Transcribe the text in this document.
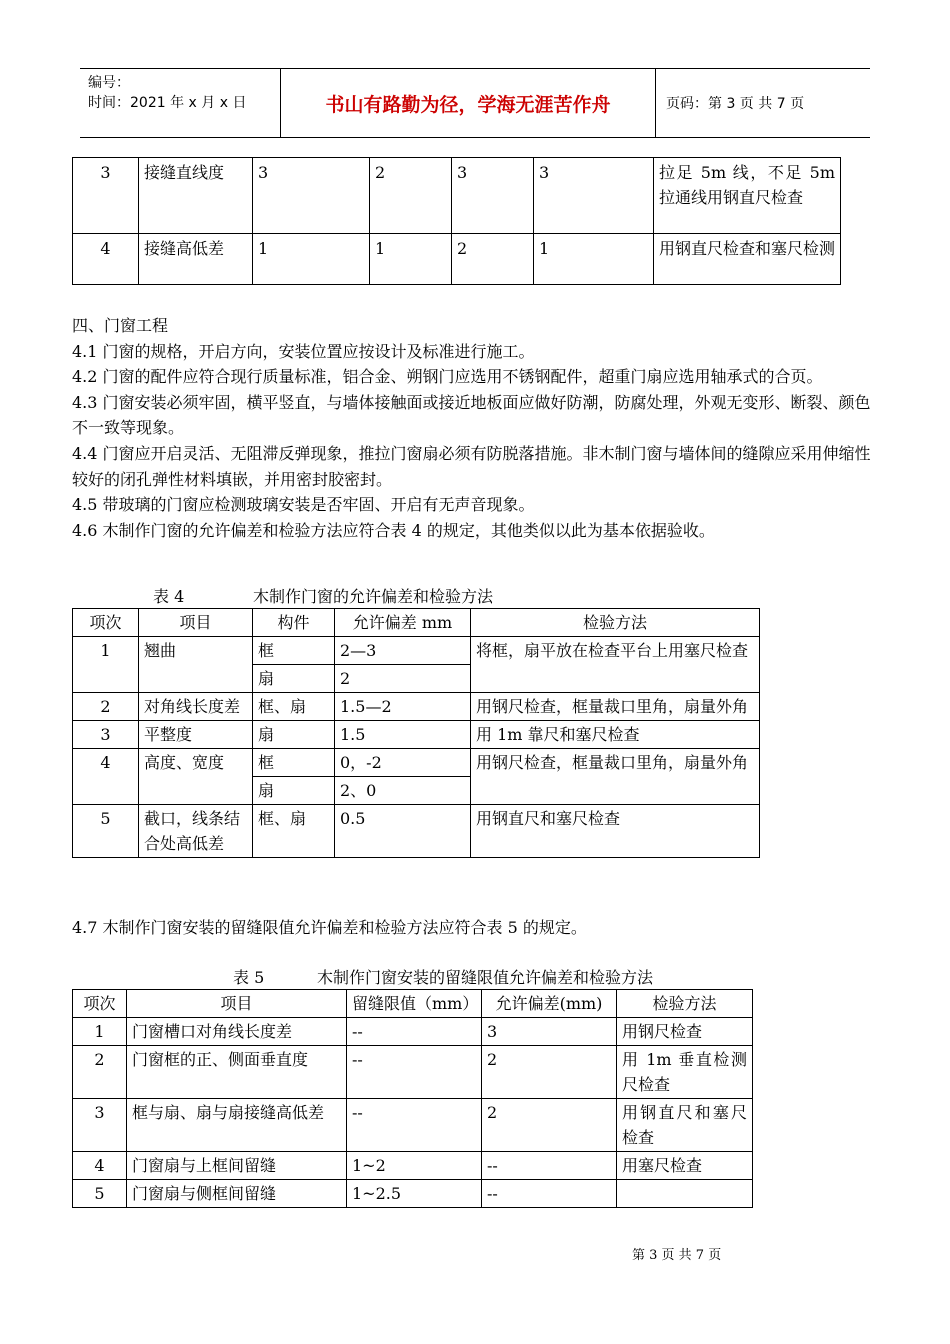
编号：
时间：2021 年 x 月 x 日	书山有路勤为径，学海无涯苦作舟	页码：第 3 页 共 7 页
3	接缝直线度	3	2	3	3	拉足 5m 线，不足 5m 拉通线用钢直尺检查
4	接缝高低差	1	1	2	1	用钢直尺检查和塞尺检测

四、门窗工程

4.1 门窗的规格，开启方向，安装位置应按设计及标准进行施工。

4.2 门窗的配件应符合现行质量标准，铝合金、朔钢门应选用不锈钢配件，超重门扇应选用轴承式的合页。

4.3 门窗安装必须牢固，横平竖直，与墙体接触面或接近地板面应做好防潮，防腐处理，外观无变形、断裂、颜色不一致等现象。

4.4 门窗应开启灵活、无阻滞反弹现象，推拉门窗扇必须有防脱落措施。非木制门窗与墙体间的缝隙应采用伸缩性较好的闭孔弹性材料填嵌，并用密封胶密封。

4.5 带玻璃的门窗应检测玻璃安装是否牢固、开启有无声音现象。

4.6 木制作门窗的允许偏差和检验方法应符合表 4 的规定，其他类似以此为基本依据验收。

表 4	木制作门窗的允许偏差和检验方法
项次	项目	构件	允许偏差 mm	检验方法
1	翘曲	框	2—3	将框，扇平放在检查平台上用塞尺检查
		扇	2	
2	对角线长度差	框、扇	1.5—2	用钢尺检查，框量裁口里角，扇量外角
3	平整度	扇	1.5	用 1m 靠尺和塞尺检查
4	高度、宽度	框	0，-2	用钢尺检查，框量裁口里角，扇量外角
		扇	2、0	
5	截口，线条结合处高低差	框、扇	0.5	用钢直尺和塞尺检查
4.7 木制作门窗安装的留缝限值允许偏差和检验方法应符合表 5 的规定。
表 5	木制作门窗安装的留缝限值允许偏差和检验方法
项次	项目	留缝限值（mm）	允许偏差(mm)	检验方法
1	门窗槽口对角线长度差	--	3	用钢尺检查
2	门窗框的正、侧面垂直度	--	2	用 1m 垂直检测尺检查
3	框与扇、扇与扇接缝高低差	--	2	用钢直尺和塞尺检查
4	门窗扇与上框间留缝	1~2	--	用塞尺检查
5	门窗扇与侧框间留缝	1~2.5	--	
第 3 页 共 7 页
